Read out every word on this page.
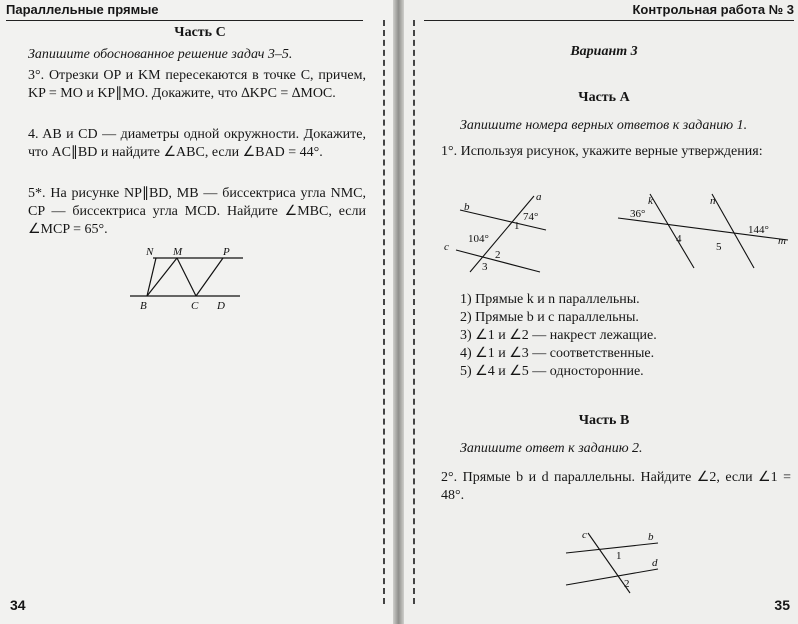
Параллельные прямые
Часть С

Запишите обоснованное решение задач 3–5.

3°. Отрезки OP и KM пересекаются в точке C, причем, KP = MO и KP∥MO. Докажите, что ∆KPC = ∆MOC.

4. AB и CD — диаметры одной окружности. Докажите, что AC∥BD и найдите ∠ABC, если ∠BAD = 44°.

5*. На рисунке NP∥BD, MB — биссектриса угла NMC, CP — биссектриса угла MCD. Найдите ∠MBC, если ∠MCP = 65°.

N M	P
B	C D
34
Контрольная работа № 3
Вариант 3
Часть А

Запишите номера верных ответов к заданию 1.

1°. Используя рисунок, укажите верные утверждения:

a
b
c
74°
104°
1
2
3
k	n
m
36°
144°
4
5
1) Прямые k и n параллельны.
2) Прямые b и c параллельны.
3) ∠1 и ∠2 — накрест лежащие.
4) ∠1 и ∠3 — соответственные.
5) ∠4 и ∠5 — односторонние.
Часть В

Запишите ответ к заданию 2.

2°. Прямые b и d параллельны. Найдите ∠2, если ∠1 = 48°.

c	b
d
1
2
35
